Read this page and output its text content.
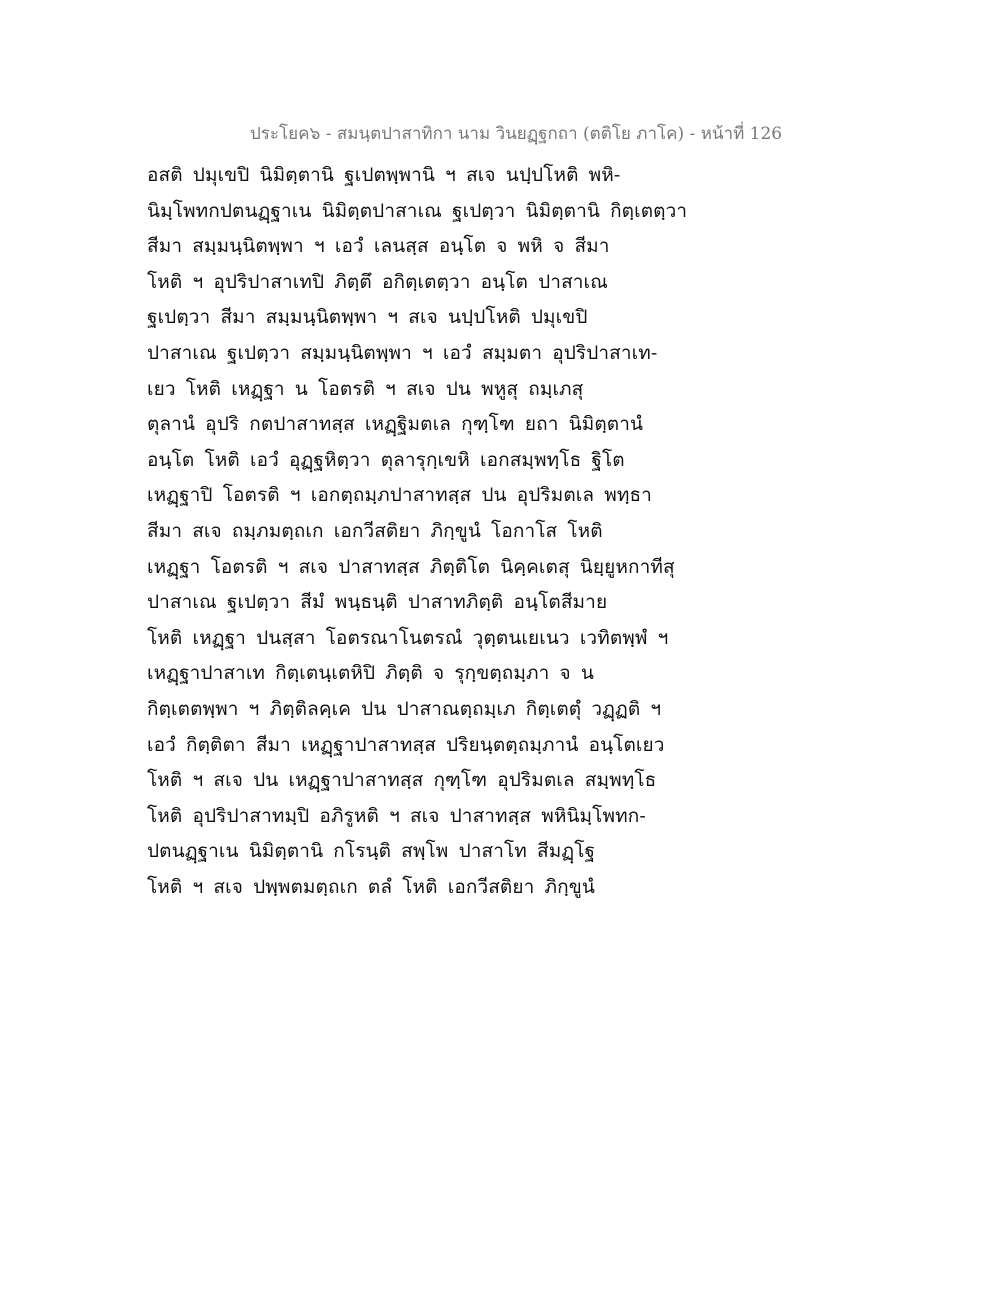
ประโยค๖ - สมนฺตปาสาทิกา นาม วินยฏฺฐกถา (ตติโย ภาโค) - หน้าที่ 126
อสติ ปมุเขปิ นิมิตฺตานิ ฐเปตพฺพานิ ฯ สเจ นปฺปโหติ พหิ-
นิมฺโพทกปตนฏฺฐาเน นิมิตฺตปาสาเณ ฐเปตฺวา นิมิตฺตานิ กิตฺเตตฺวา
สีมา สมฺมนฺนิตพฺพา ฯ เอวํ เลนสฺส อนฺโต จ พหิ จ สีมา
โหติ ฯ อุปริปาสาเทปิ ภิตฺตึ อกิตฺเตตฺวา อนฺโต ปาสาเณ
ฐเปตฺวา สีมา สมฺมนฺนิตพฺพา ฯ สเจ นปฺปโหติ ปมุเขปิ
ปาสาเณ ฐเปตฺวา สมฺมนฺนิตพฺพา ฯ เอวํ สมฺมตา อุปริปาสาเท-
เยว โหติ เหฏฺฐา น โอตรติ ฯ สเจ ปน พหูสุ ถมฺเภสุ
ตุลานํ อุปริ กตปาสาทสฺส เหฏฺฐิมตเล กุฑฺโฑ ยถา นิมิตฺตานํ
อนฺโต โหติ เอวํ อุฏฺฐหิตฺวา ตุลารุกฺเขหิ เอกสมฺพทฺโธ ฐิโต
เหฏฺฐาปิ โอตรติ ฯ เอกตฺถมฺภปาสาทสฺส ปน อุปริมตเล พทฺธา
สีมา สเจ ถมฺภมตฺถเก เอกวีสติยา ภิกฺขูนํ โอกาโส โหติ
เหฏฺฐา โอตรติ ฯ สเจ ปาสาทสฺส ภิตฺติโต นิคฺคเตสุ นิยฺยูหกาทีสุ
ปาสาเณ ฐเปตฺวา สีมํ พนฺธนฺติ ปาสาทภิตฺติ อนฺโตสีมาย
โหติ เหฏฺฐา ปนสฺสา โอตรณาโนตรณํ วุตฺตนเยเนว เวทิตพฺพํ ฯ
เหฏฺฐาปาสาเท กิตฺเตนฺเตหิปิ ภิตฺติ จ รุกฺขตฺถมฺภา จ น
กิตฺเตตพฺพา ฯ ภิตฺติลคฺเค ปน ปาสาณตฺถมฺเภ กิตฺเตตุํ วฏฺฏติ ฯ
เอวํ กิตฺติตา สีมา เหฏฺฐาปาสาทสฺส ปริยนฺตตฺถมฺภานํ อนฺโตเยว
โหติ ฯ สเจ ปน เหฏฺฐาปาสาทสฺส กุฑฺโฑ อุปริมตเล สมฺพทฺโธ
โหติ อุปริปาสาทมฺปิ อภิรูหติ ฯ สเจ ปาสาทสฺส พหินิมฺโพทก-
ปตนฏฺฐาเน นิมิตฺตานิ กโรนฺติ สพฺโพ ปาสาโท สีมฏฺโฐ
โหติ ฯ สเจ ปพฺพตมตฺถเก ตลํ โหติ เอกวีสติยา ภิกฺขูนํ
